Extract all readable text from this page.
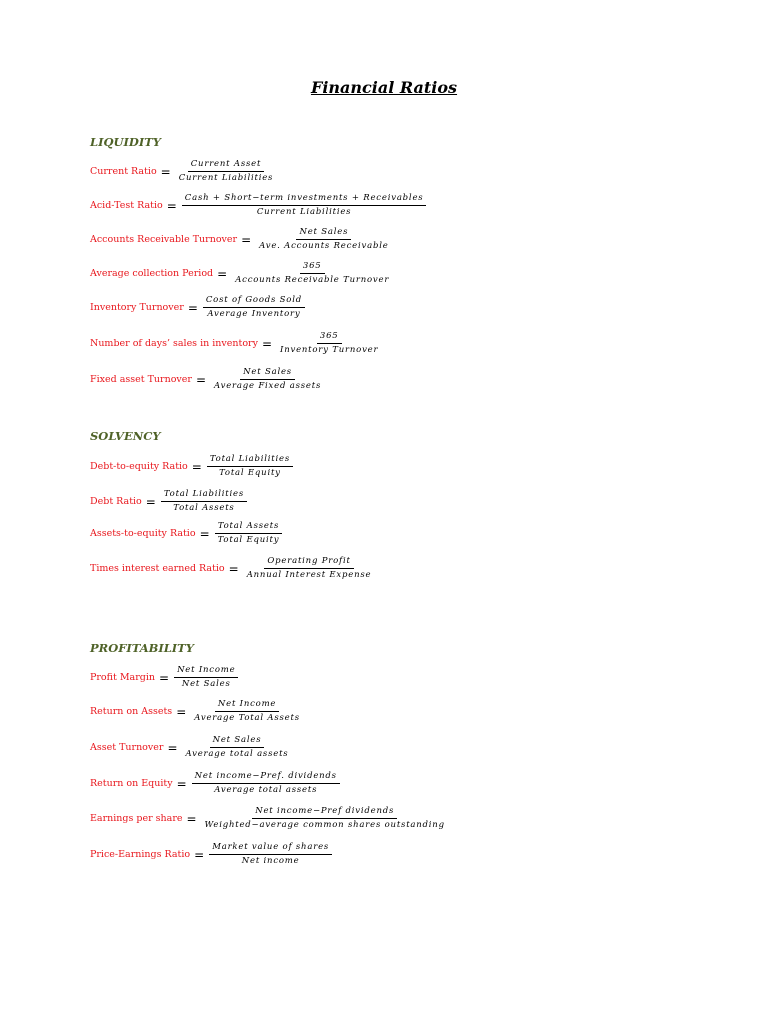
Financial Ratios
LIQUIDITY
Current Ratio = $\frac{\text{Current Asset}}{\text{Current Liabilities}}$
Acid-Test Ratio = $\frac{\text{Cash + Short−term investments + Receivables}}{\text{Current Liabilities}}$
Accounts Receivable Turnover = $\frac{\text{Net Sales}}{\text{Ave. Accounts Receivable}}$
Average collection Period = $\frac{365}{\text{Accounts Receivable Turnover}}$
Inventory Turnover = $\frac{\text{Cost of Goods Sold}}{\text{Average Inventory}}$
Number of days’ sales in inventory = $\frac{365}{\text{Inventory Turnover}}$
Fixed asset Turnover = $\frac{\text{Net Sales}}{\text{Average Fixed assets}}$
SOLVENCY
Debt-to-equity Ratio = $\frac{\text{Total Liabilities}}{\text{Total Equity}}$
Debt Ratio = $\frac{\text{Total Liabilities}}{\text{Total Assets}}$
Assets-to-equity Ratio = $\frac{\text{Total Assets}}{\text{Total Equity}}$
Times interest earned Ratio = $\frac{\text{Operating Profit}}{\text{Annual Interest Expense}}$
PROFITABILITY
Profit Margin = $\frac{\text{Net Income}}{\text{Net Sales}}$
Return on Assets = $\frac{\text{Net Income}}{\text{Average Total Assets}}$
Asset Turnover = $\frac{\text{Net Sales}}{\text{Average total assets}}$
Return on Equity = $\frac{\text{Net income−Pref. dividends}}{\text{Average total assets}}$
Earnings per share = $\frac{\text{Net income−Pref dividends}}{\text{Weighted−average common shares outstanding}}$
Price-Earnings Ratio = $\frac{\text{Market value of shares}}{\text{Net income}}$
